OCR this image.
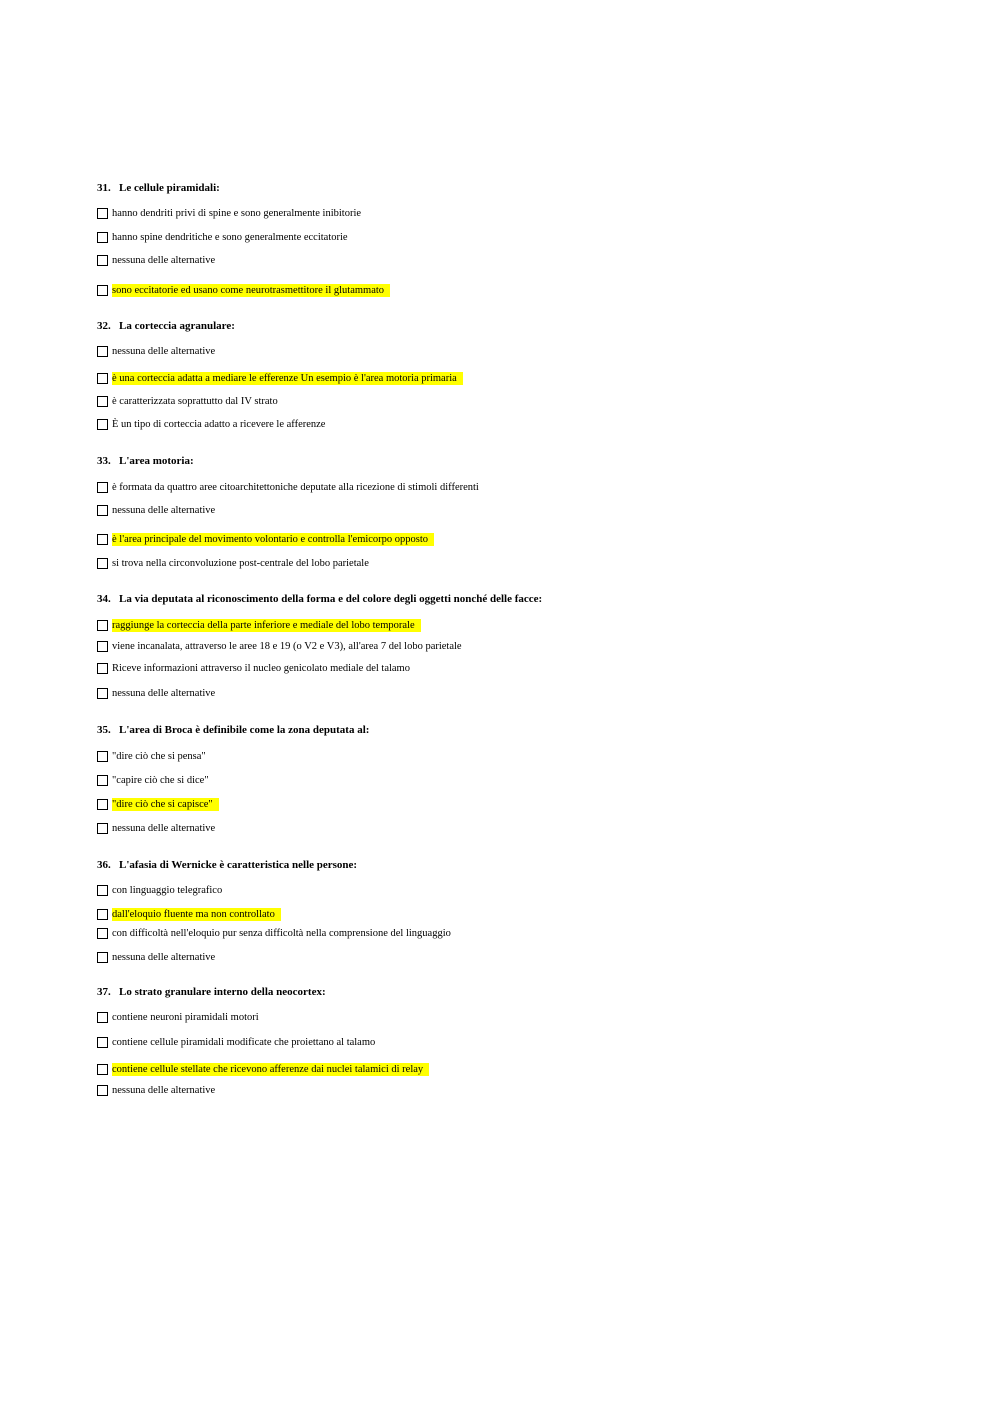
31. Le cellule piramidali:
hanno dendriti privi di spine e sono generalmente inibitorie
hanno spine dendritiche e sono generalmente eccitatorie
nessuna delle alternative
sono eccitatorie ed usano come neurotrasmettitore il glutammato
32. La corteccia agranulare:
nessuna delle alternative
è una corteccia adatta a mediare le efferenze Un esempio è l'area motoria primaria
è caratterizzata soprattutto dal IV strato
È un tipo di corteccia adatto a ricevere le afferenze
33. L'area motoria:
è formata da quattro aree citoarchitettoniche deputate alla ricezione di stimoli differenti
nessuna delle alternative
è l'area principale del movimento volontario e controlla l'emicorpo opposto
si trova nella circonvoluzione post-centrale del lobo parietale
34. La via deputata al riconoscimento della forma e del colore degli oggetti nonché delle facce:
raggiunge la corteccia della parte inferiore e mediale del lobo temporale
viene incanalata, attraverso le aree 18 e 19 (o V2 e V3), all'area 7 del lobo parietale
Riceve informazioni attraverso il nucleo genicolato mediale del talamo
nessuna delle alternative
35. L'area di Broca è definibile come la zona deputata al:
"dire ciò che si pensa"
"capire ciò che si dice"
"dire ciò che si capisce"
nessuna delle alternative
36. L'afasia di Wernicke è caratteristica nelle persone:
con linguaggio telegrafico
dall'eloquio fluente ma non controllato
con difficoltà nell'eloquio pur senza difficoltà nella comprensione del linguaggio
nessuna delle alternative
37. Lo strato granulare interno della neocortex:
contiene neuroni piramidali motori
contiene cellule piramidali modificate che proiettano al talamo
contiene cellule stellate che ricevono afferenze dai nuclei talamici di relay
nessuna delle alternative
